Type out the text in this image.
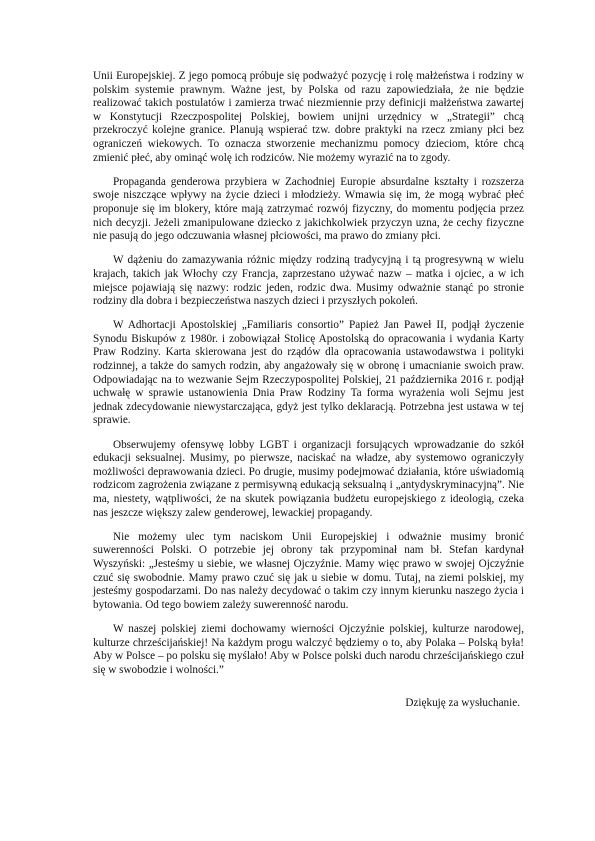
Unii Europejskiej. Z jego pomocą próbuje się podważyć pozycję i rolę małżeństwa i rodziny w polskim systemie prawnym. Ważne jest, by Polska od razu zapowiedziała, że nie będzie realizować takich postulatów i zamierza trwać niezmiennie przy definicji małżeństwa zawartej w Konstytucji Rzeczpospolitej Polskiej, bowiem unijni urzędnicy w „Strategii” chcą przekroczyć kolejne granice. Planują wspierać tzw. dobre praktyki na rzecz zmiany płci bez ograniczeń wiekowych. To oznacza stworzenie mechanizmu pomocy dzieciom, które chcą zmienić płeć, aby ominąć wolę ich rodziców. Nie możemy wyrazić na to zgody.

Propaganda genderowa przybiera w Zachodniej Europie absurdalne kształty i rozszerza swoje niszczące wpływy na życie dzieci i młodzieży. Wmawia się im, że mogą wybrać płeć proponuje się im blokery, które mają zatrzymać rozwój fizyczny, do momentu podjęcia przez nich decyzji. Jeżeli zmanipulowane dziecko z jakichkolwiek przyczyn uzna, że cechy fizyczne nie pasują do jego odczuwania własnej płciowości, ma prawo do zmiany płci.

W dążeniu do zamazywania różnic między rodziną tradycyjną i tą progresywną w wielu krajach, takich jak Włochy czy Francja, zaprzestano używać nazw – matka i ojciec, a w ich miejsce pojawiają się nazwy: rodzic jeden, rodzic dwa. Musimy odważnie stanąć po stronie rodziny dla dobra i bezpieczeństwa naszych dzieci i przyszłych pokoleń.

W Adhortacji Apostolskiej „Familiaris consortio” Papież Jan Paweł II, podjął życzenie Synodu Biskupów z 1980r. i zobowiązał Stolicę Apostolską do opracowania i wydania Karty Praw Rodziny. Karta skierowana jest do rządów dla opracowania ustawodawstwa i polityki rodzinnej, a także do samych rodzin, aby angażowały się w obronę i umacnianie swoich praw. Odpowiadając na to wezwanie Sejm Rzeczypospolitej Polskiej, 21 października 2016 r. podjął uchwałę w sprawie ustanowienia Dnia Praw Rodziny Ta forma wyrażenia woli Sejmu jest jednak zdecydowanie niewystarczająca, gdyż jest tylko deklaracją. Potrzebna jest ustawa w tej sprawie.

Obserwujemy ofensywę lobby LGBT i organizacji forsujących wprowadzanie do szkół edukacji seksualnej. Musimy, po pierwsze, naciskać na władze, aby systemowo ograniczyły możliwości deprawowania dzieci. Po drugie, musimy podejmować działania, które uświadomią rodzicom zagrożenia związane z permisywną edukacją seksualną i „antydyskryminacyjną”. Nie ma, niestety, wątpliwości, że na skutek powiązania budżetu europejskiego z ideologią, czeka nas jeszcze większy zalew genderowej, lewackiej propagandy.

Nie możemy ulec tym naciskom Unii Europejskiej i odważnie musimy bronić suwerenności Polski. O potrzebie jej obrony tak przypominał nam bł. Stefan kardynał Wyszyński: „Jesteśmy u siebie, we własnej Ojczyźnie. Mamy więc prawo w swojej Ojczyźnie czuć się swobodnie. Mamy prawo czuć się jak u siebie w domu. Tutaj, na ziemi polskiej, my jesteśmy gospodarzami. Do nas należy decydować o takim czy innym kierunku naszego życia i bytowania. Od tego bowiem zależy suwerenność narodu.

W naszej polskiej ziemi dochowamy wierności Ojczyźnie polskiej, kulturze narodowej, kulturze chrześcijańskiej! Na każdym progu walczyć będziemy o to, aby Polaka – Polską była! Aby w Polsce – po polsku się myślało! Aby w Polsce polski duch narodu chrześcijańskiego czuł się w swobodzie i wolności.”

Dziękuję za wysłuchanie.
